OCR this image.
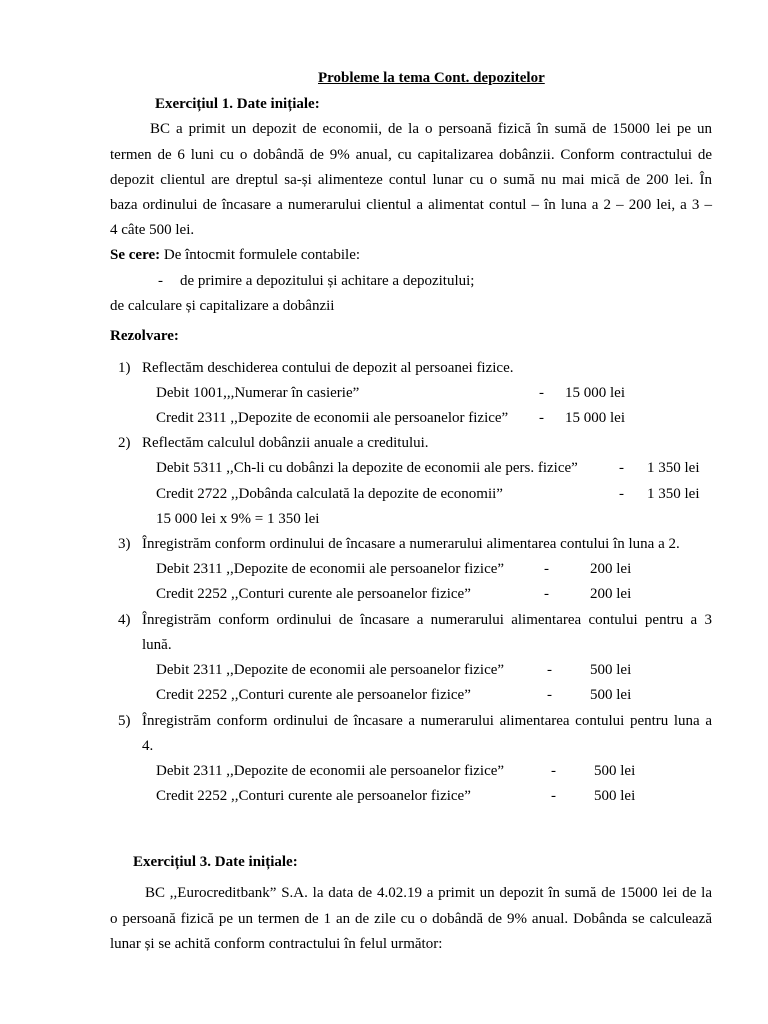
Probleme la tema Cont. depozitelor
Exercițiul 1. Date inițiale:
BC a primit un depozit de economii, de la o persoană fizică în sumă de 15000 lei pe un
termen de 6 luni cu o dobândă de 9% anual, cu capitalizarea dobânzii. Conform contractului de
depozit clientul are dreptul sa-și alimenteze contul lunar cu o sumă nu mai mică de 200 lei. În
baza ordinului de încasare a numerarului clientul a alimentat contul – în luna a 2 – 200 lei, a 3 –
4 câte 500 lei.
Se cere: De întocmit formulele contabile:
- de primire a depozitului și achitare a depozitului;
de calculare și capitalizare a dobânzii
Rezolvare:
1) Reflectăm deschiderea contului de depozit al persoanei fizice.
Debit 1001,,,Numerar în casierie”	- 15 000 lei
Credit 2311 ,,Depozite de economii ale persoanelor fizice” - 15 000 lei
2) Reflectăm calculul dobânzii anuale a creditului.
Debit 5311 ,,Ch-li cu dobânzi la depozite de economii ale pers. fizice”	- 1 350 lei
Credit 2722 ,,Dobânda calculată la depozite de economii”	- 1 350 lei
15 000 lei x 9% = 1 350 lei
3) Înregistrăm conform ordinului de încasare a numerarului alimentarea contului în luna a 2.
Debit 2311 ,,Depozite de economii ale persoanelor fizice”	-	200 lei
Credit 2252 ,,Conturi curente ale persoanelor fizice”	-	200 lei
4) Înregistrăm conform ordinului de încasare a numerarului alimentarea contului pentru a 3
lună.
Debit 2311 ,,Depozite de economii ale persoanelor fizice”	-	500 lei
Credit 2252 ,,Conturi curente ale persoanelor fizice”	-	500 lei
5) Înregistrăm conform ordinului de încasare a numerarului alimentarea contului pentru luna a
4.
Debit 2311 ,,Depozite de economii ale persoanelor fizice”	-	500 lei
Credit 2252 ,,Conturi curente ale persoanelor fizice”	-	500 lei
Exercițiul 3. Date inițiale:
BC ,,Eurocreditbank” S.A. la data de 4.02.19 a primit un depozit în sumă de 15000 lei de la
o persoană fizică pe un termen de 1 an de zile cu o dobândă de 9% anual. Dobânda se calculează
lunar și se achită conform contractului în felul următor:
